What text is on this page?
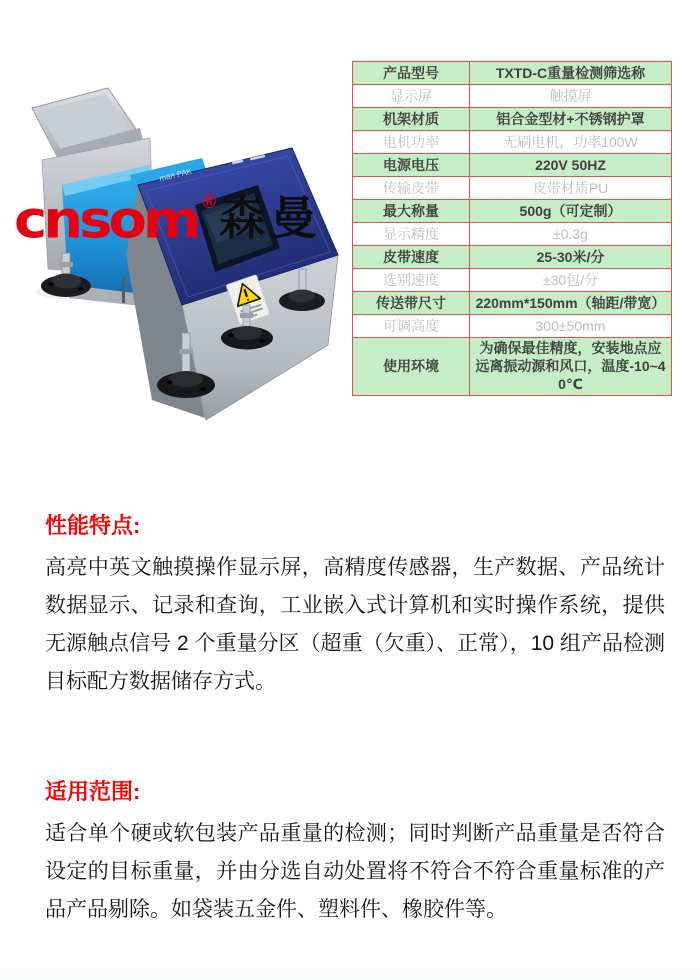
man PAK
cnsom ® 森曼
产品型号	TXTD-C重量检测筛选称
显示屏	触摸屏
机架材质	铝合金型材+不锈钢护罩
电机功率	无刷电机，功率100W
电源电压	220V 50HZ
传输皮带	皮带材质PU
最大称量	500g（可定制）
显示精度	±0.3g
皮带速度	25-30米/分
选别速度	±30包/分
传送带尺寸	220mm*150mm（轴距/带宽）
可调高度	300±50mm
使用环境	为确保最佳精度，安装地点应远离振动源和风口，温度-10~40℃
性能特点:

高亮中英文触摸操作显示屏，高精度传感器，生产数据、产品统计数据显示、记录和查询，工业嵌入式计算机和实时操作系统，提供无源触点信号 2 个重量分区（超重（欠重）、正常），10 组产品检测目标配方数据储存方式。

适用范围:

适合单个硬或软包装产品重量的检测；同时判断产品重量是否符合设定的目标重量，并由分选自动处置将不符合不符合重量标准的产品产品剔除。如袋装五金件、塑料件、橡胶件等。
